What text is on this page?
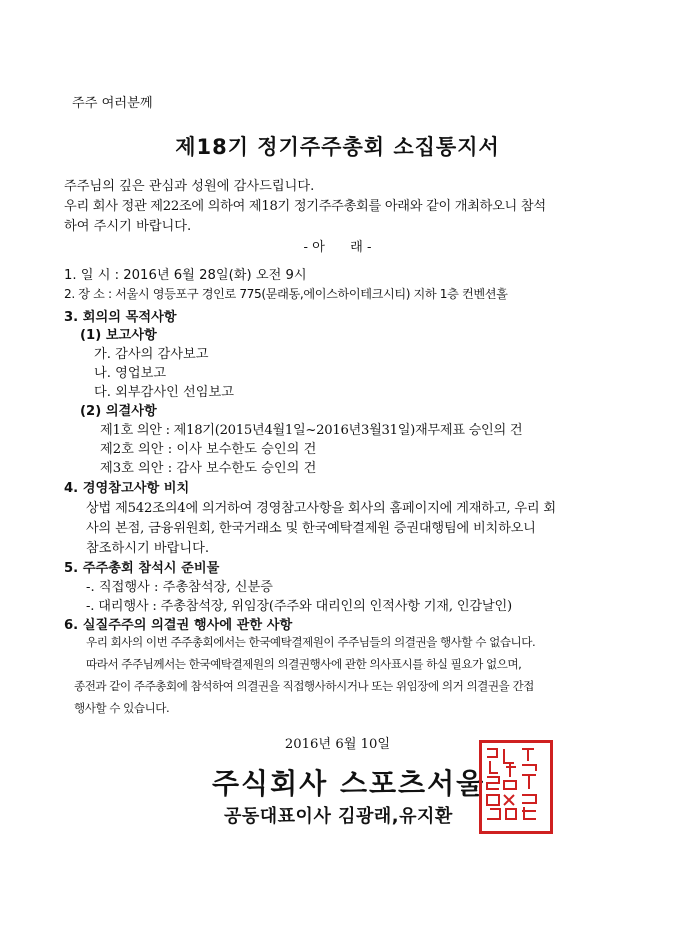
주주 여러분께
제18기 정기주주총회 소집통지서
주주님의 깊은 관심과 성원에 감사드립니다.
우리 회사 정관 제22조에 의하여 제18기 정기주주총회를 아래와 같이 개최하오니 참석
하여 주시기 바랍니다.
- 아      래 -
1. 일 시 : 2016년 6월 28일(화) 오전 9시
2. 장 소 : 서울시 영등포구 경인로 775(문래동,에이스하이테크시티) 지하 1층 컨벤션홀
3. 회의의 목적사항
(1) 보고사항
가. 감사의 감사보고
나. 영업보고
다. 외부감사인 선임보고
(2) 의결사항
제1호 의안 : 제18기(2015년4월1일~2016년3월31일)재무제표 승인의 건
제2호 의안 : 이사 보수한도 승인의 건
제3호 의안 : 감사 보수한도 승인의 건
4. 경영참고사항 비치
상법 제542조의4에 의거하여 경영참고사항을 회사의 홈페이지에 게재하고, 우리 회
사의 본점, 금융위원회, 한국거래소 및 한국예탁결제원 증권대행팀에 비치하오니
참조하시기 바랍니다.
5. 주주총회 참석시 준비물
-. 직접행사 : 주총참석장, 신분증
-. 대리행사 : 주총참석장, 위임장(주주와 대리인의 인적사항 기재, 인감날인)
6. 실질주주의 의결권 행사에 관한 사항
우리 회사의 이번 주주총회에서는 한국예탁결제원이 주주님들의 의결권을 행사할 수 없습니다.
따라서 주주님께서는 한국예탁결제원의 의결권행사에 관한 의사표시를 하실 필요가 없으며,
종전과 같이 주주총회에 참석하여 의결권을 직접행사하시거나 또는 위임장에 의거 의결권을 간접
행사할 수 있습니다.
2016년 6월 10일
주식회사 스포츠서울
공동대표이사 김광래,유지환
